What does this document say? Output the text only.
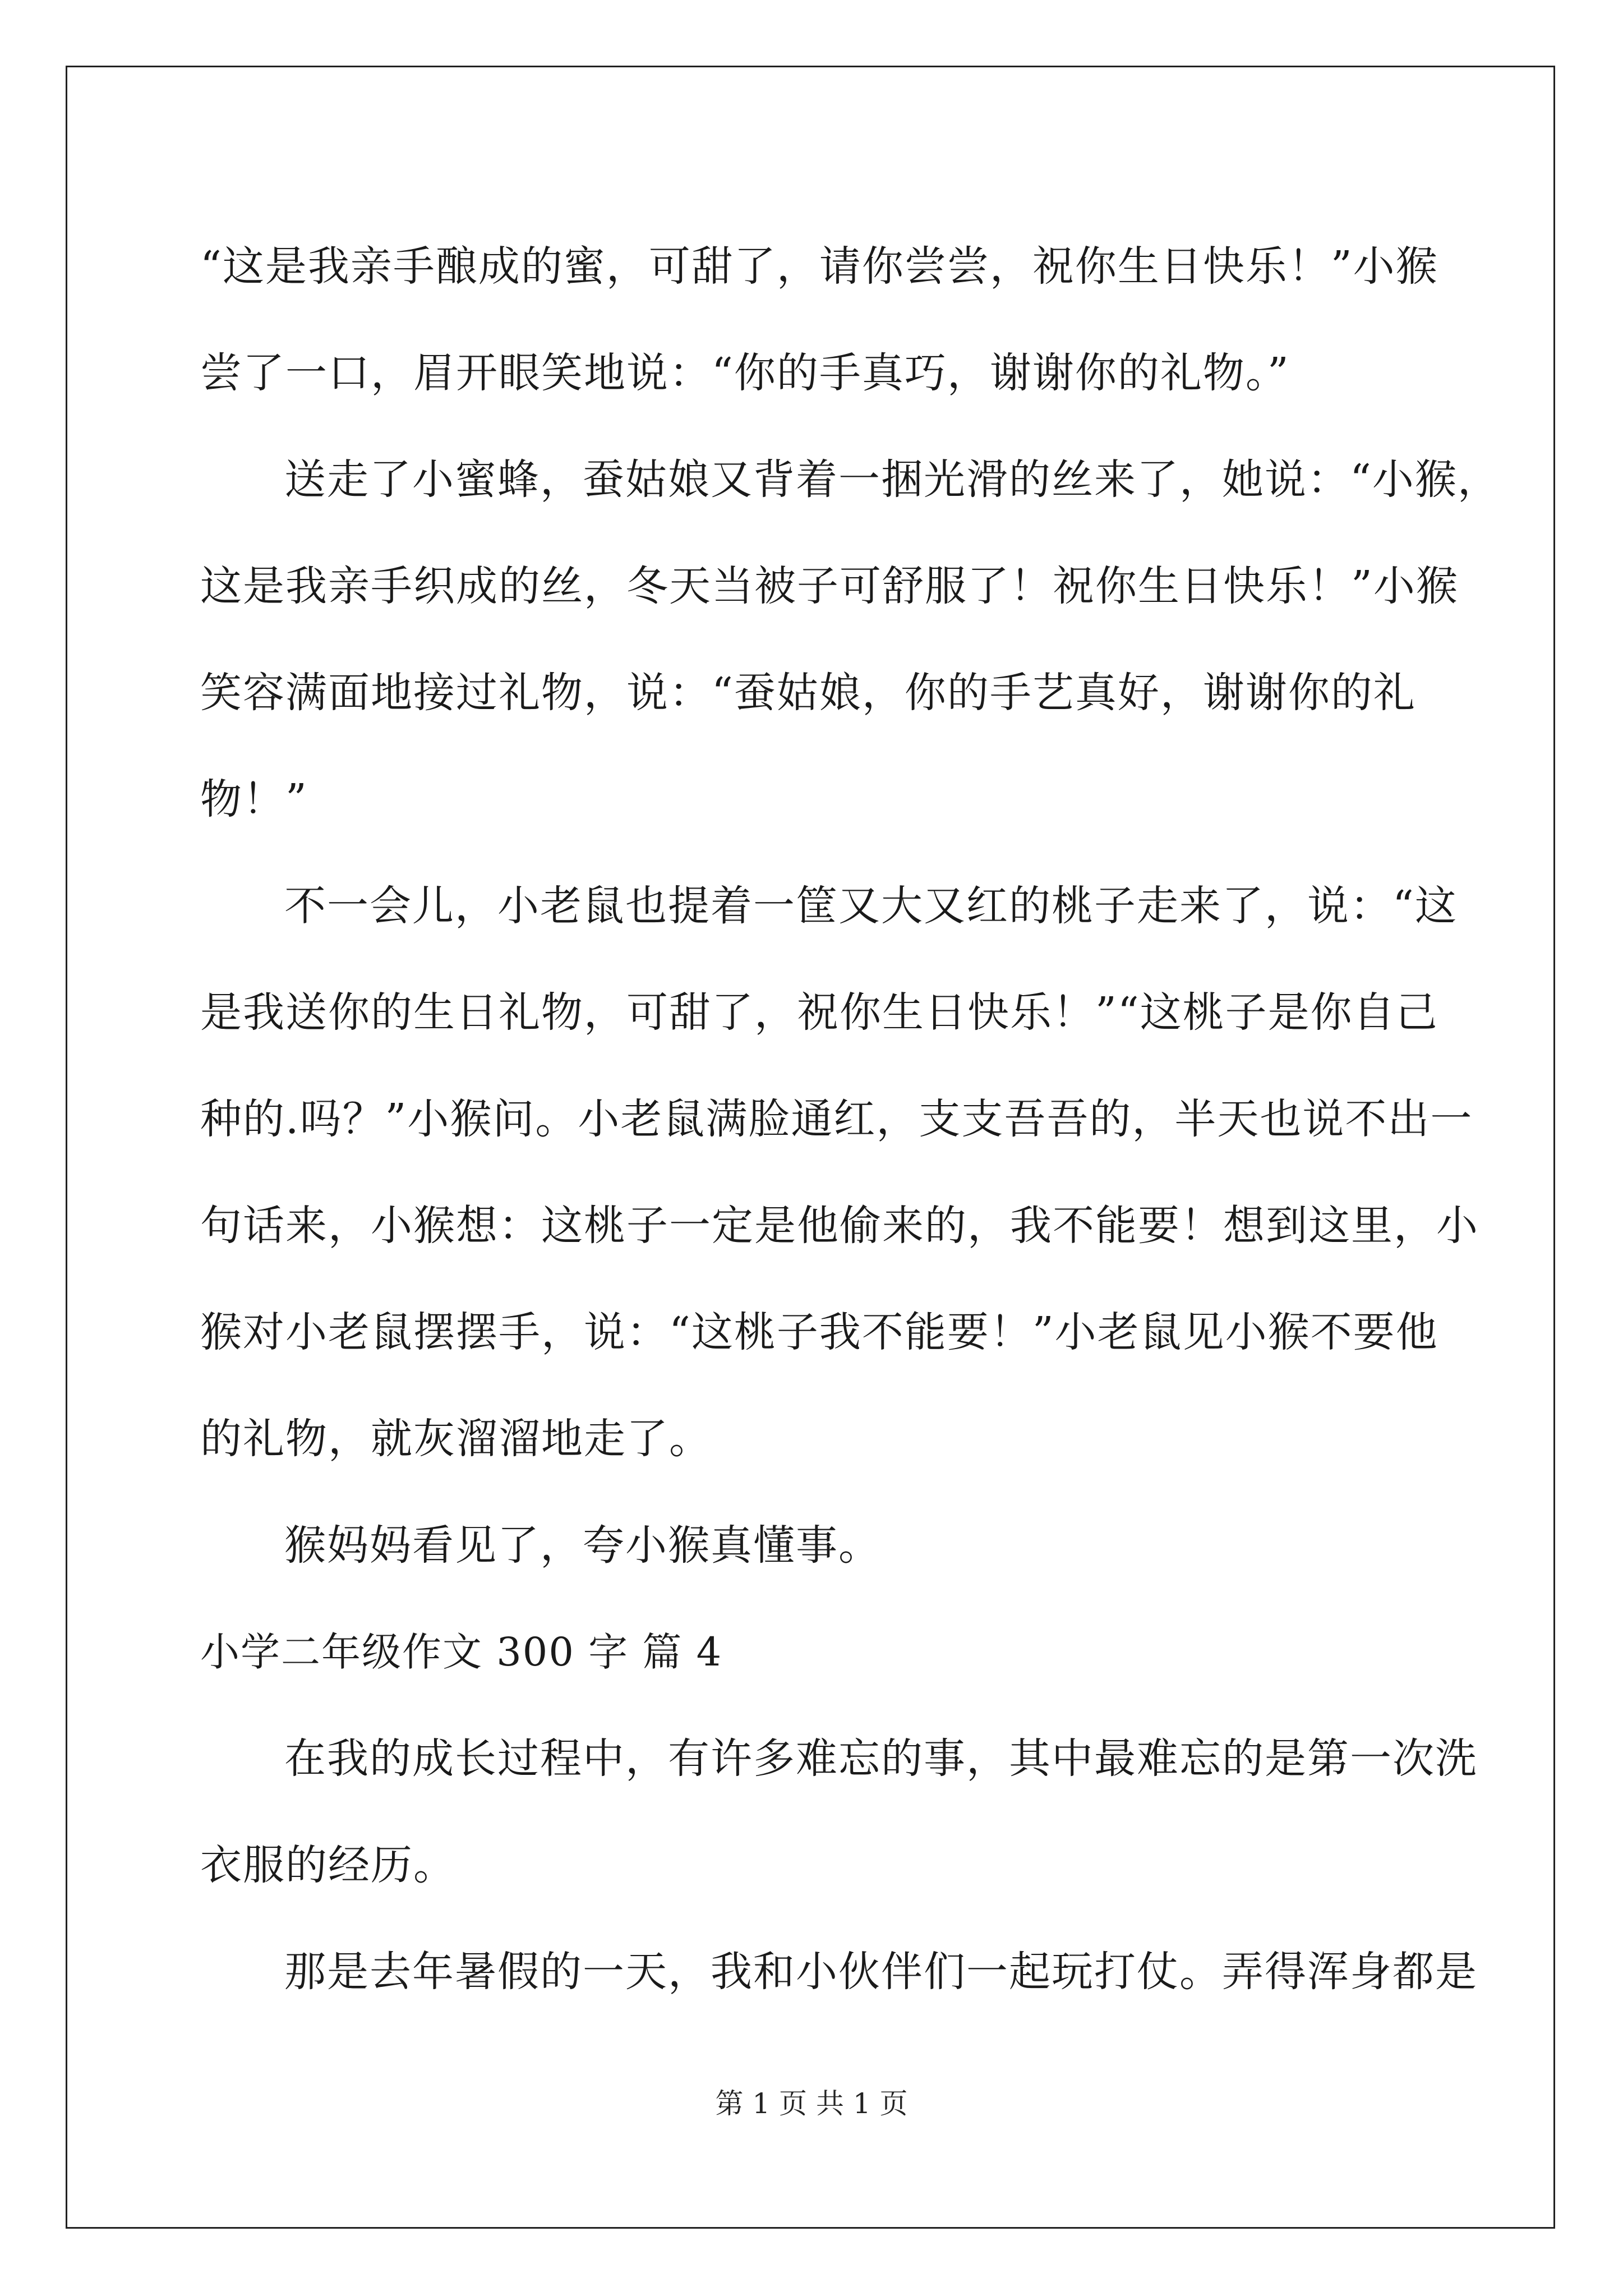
“这是我亲手酿成的蜜，可甜了，请你尝尝，祝你生日快乐！”小猴
尝了一口，眉开眼笑地说：“你的手真巧，谢谢你的礼物。”
送走了小蜜蜂，蚕姑娘又背着一捆光滑的丝来了，她说：“小猴，
这是我亲手织成的丝，冬天当被子可舒服了！祝你生日快乐！”小猴
笑容满面地接过礼物，说：“蚕姑娘，你的手艺真好，谢谢你的礼
物！”
不一会儿，小老鼠也提着一筐又大又红的桃子走来了，说：“这
是我送你的生日礼物，可甜了，祝你生日快乐！”“这桃子是你自己
种的.吗？”小猴问。小老鼠满脸通红，支支吾吾的，半天也说不出一
句话来，小猴想：这桃子一定是他偷来的，我不能要！想到这里，小
猴对小老鼠摆摆手，说：“这桃子我不能要！”小老鼠见小猴不要他
的礼物，就灰溜溜地走了。
猴妈妈看见了，夸小猴真懂事。
小学二年级作文 300 字 篇 4
在我的成长过程中，有许多难忘的事，其中最难忘的是第一次洗
衣服的经历。
那是去年暑假的一天，我和小伙伴们一起玩打仗。弄得浑身都是
第 1 页 共 1 页
